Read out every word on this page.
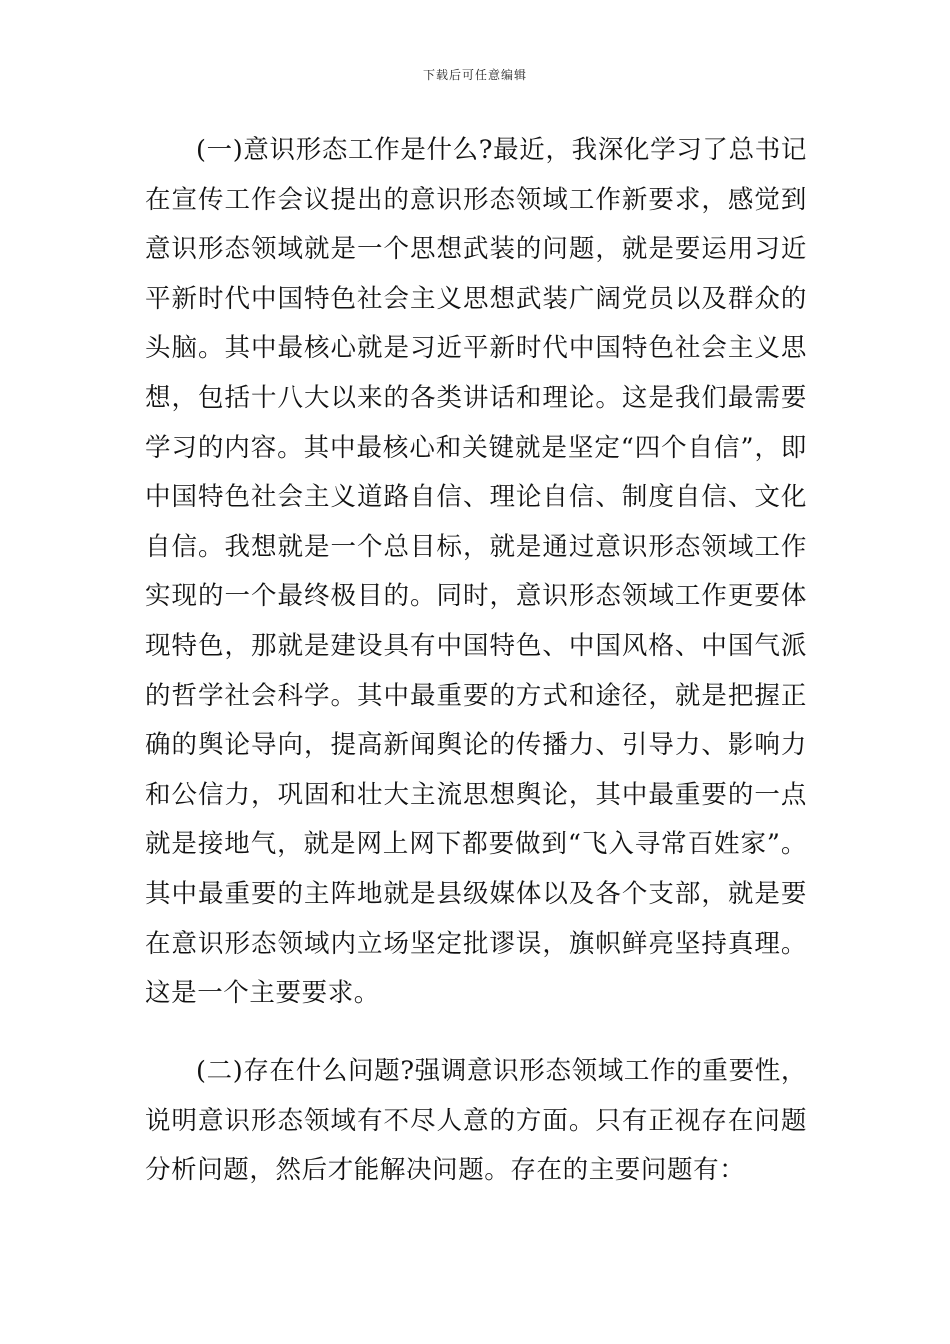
下载后可任意编辑

(一)意识形态工作是什么?最近，我深化学习了总书记在宣传工作会议提出的意识形态领域工作新要求，感觉到意识形态领域就是一个思想武装的问题，就是要运用习近平新时代中国特色社会主义思想武装广阔党员以及群众的头脑。其中最核心就是习近平新时代中国特色社会主义思想，包括十八大以来的各类讲话和理论。这是我们最需要学习的内容。其中最核心和关键就是坚定“四个自信”，即中国特色社会主义道路自信、理论自信、制度自信、文化自信。我想就是一个总目标，就是通过意识形态领域工作实现的一个最终极目的。同时，意识形态领域工作更要体现特色，那就是建设具有中国特色、中国风格、中国气派的哲学社会科学。其中最重要的方式和途径，就是把握正确的舆论导向，提高新闻舆论的传播力、引导力、影响力和公信力，巩固和壮大主流思想舆论，其中最重要的一点就是接地气，就是网上网下都要做到“飞入寻常百姓家”。其中最重要的主阵地就是县级媒体以及各个支部，就是要在意识形态领域内立场坚定批谬误，旗帜鲜亮坚持真理。这是一个主要要求。

(二)存在什么问题?强调意识形态领域工作的重要性，说明意识形态领域有不尽人意的方面。只有正视存在问题分析问题，然后才能解决问题。存在的主要问题有：
